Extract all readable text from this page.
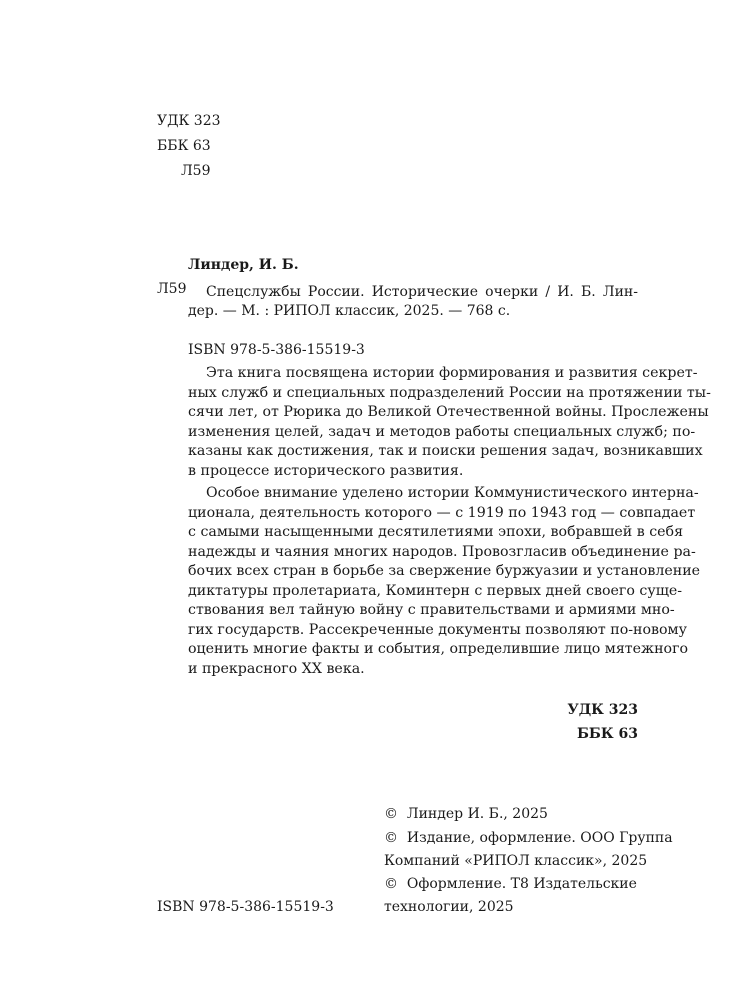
УДК 323
ББК 63
Л59
Линдер, И. Б.
Л59 Спецслужбы России. Исторические очерки / И. Б. Лин-
дер. — М. : РИПОЛ классик, 2025. — 768 с.
ISBN 978-5-386-15519-3
Эта книга посвящена истории формирования и развития секрет-
ных служб и специальных подразделений России на протяжении ты-
сячи лет, от Рюрика до Великой Отечественной войны. Прослежены
изменения целей, задач и методов работы специальных служб; по-
казаны как достижения, так и поиски решения задач, возникавших
в процессе исторического развития.
Особое внимание уделено истории Коммунистического интерна-
ционала, деятельность которого — с 1919 по 1943 год — совпадает
с самыми насыщенными десятилетиями эпохи, вобравшей в себя
надежды и чаяния многих народов. Провозгласив объединение ра-
бочих всех стран в борьбе за свержение буржуазии и установление
диктатуры пролетариата, Коминтерн с первых дней своего суще-
ствования вел тайную войну с правительствами и армиями мно-
гих государств. Рассекреченные документы позволяют по-новому
оценить многие факты и события, определившие лицо мятежного
и прекрасного XX века.
УДК 323
ББК 63
©  Линдер И. Б., 2025
©  Издание, оформление. ООО Группа
Компаний «РИПОЛ классик», 2025
©  Оформление. Т8 Издательские
технологии, 2025
ISBN 978-5-386-15519-3
